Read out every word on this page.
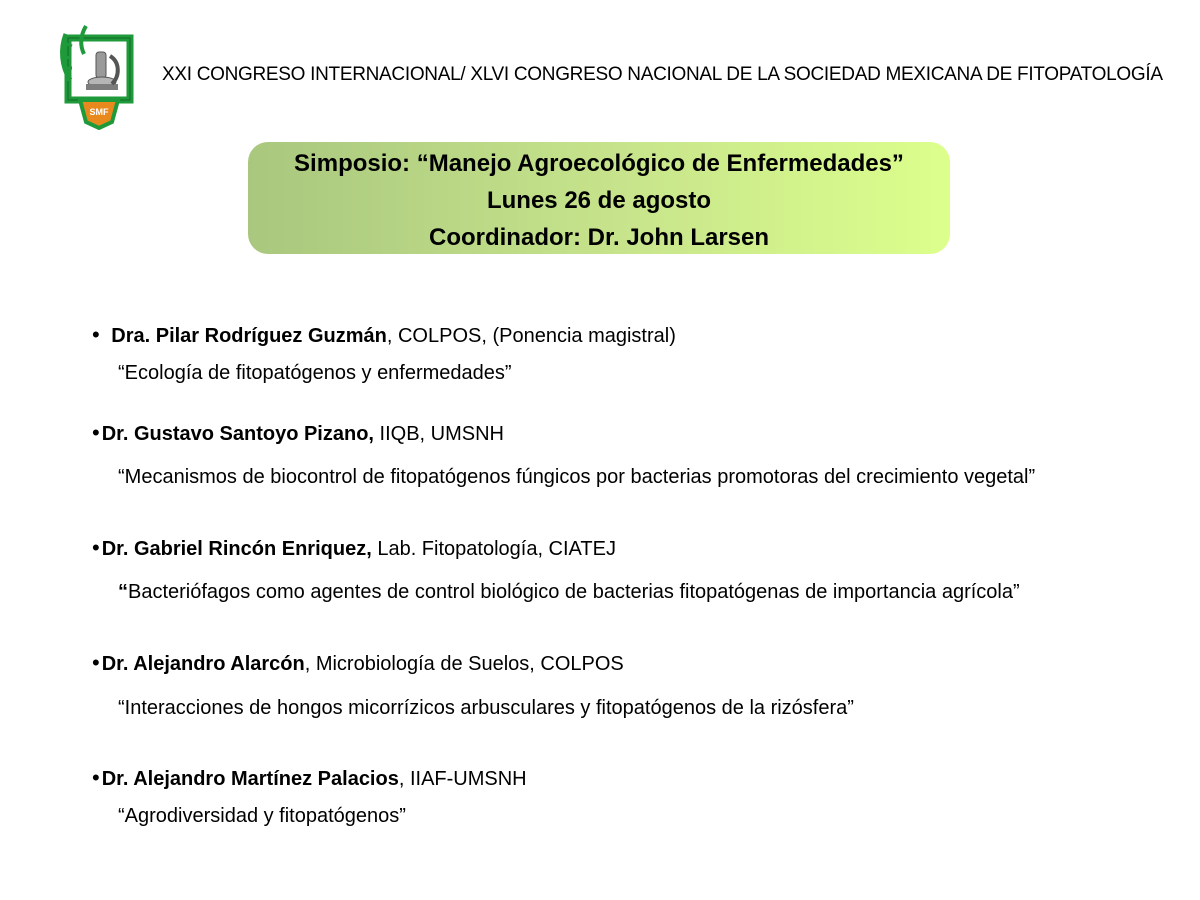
SMF
XXI CONGRESO INTERNACIONAL/ XLVI CONGRESO NACIONAL DE LA SOCIEDAD MEXICANA DE FITOPATOLOGÍA
Simposio: “Manejo Agroecológico de Enfermedades”
Lunes 26 de agosto
Coordinador: Dr. John Larsen
• Dra. Pilar Rodríguez Guzmán, COLPOS, (Ponencia magistral)
“Ecología de fitopatógenos y enfermedades”
• Dr. Gustavo Santoyo Pizano, IIQB, UMSNH
“Mecanismos de biocontrol de fitopatógenos fúngicos por bacterias promotoras del crecimiento vegetal”
• Dr. Gabriel Rincón Enriquez, Lab. Fitopatología, CIATEJ
“Bacteriófagos como agentes de control biológico de bacterias fitopatógenas de importancia agrícola”
• Dr. Alejandro Alarcón, Microbiología de Suelos, COLPOS
“Interacciones de hongos micorrízicos arbusculares y fitopatógenos de la rizósfera”
• Dr. Alejandro Martínez Palacios, IIAF-UMSNH
“Agrodiversidad y fitopatógenos”
